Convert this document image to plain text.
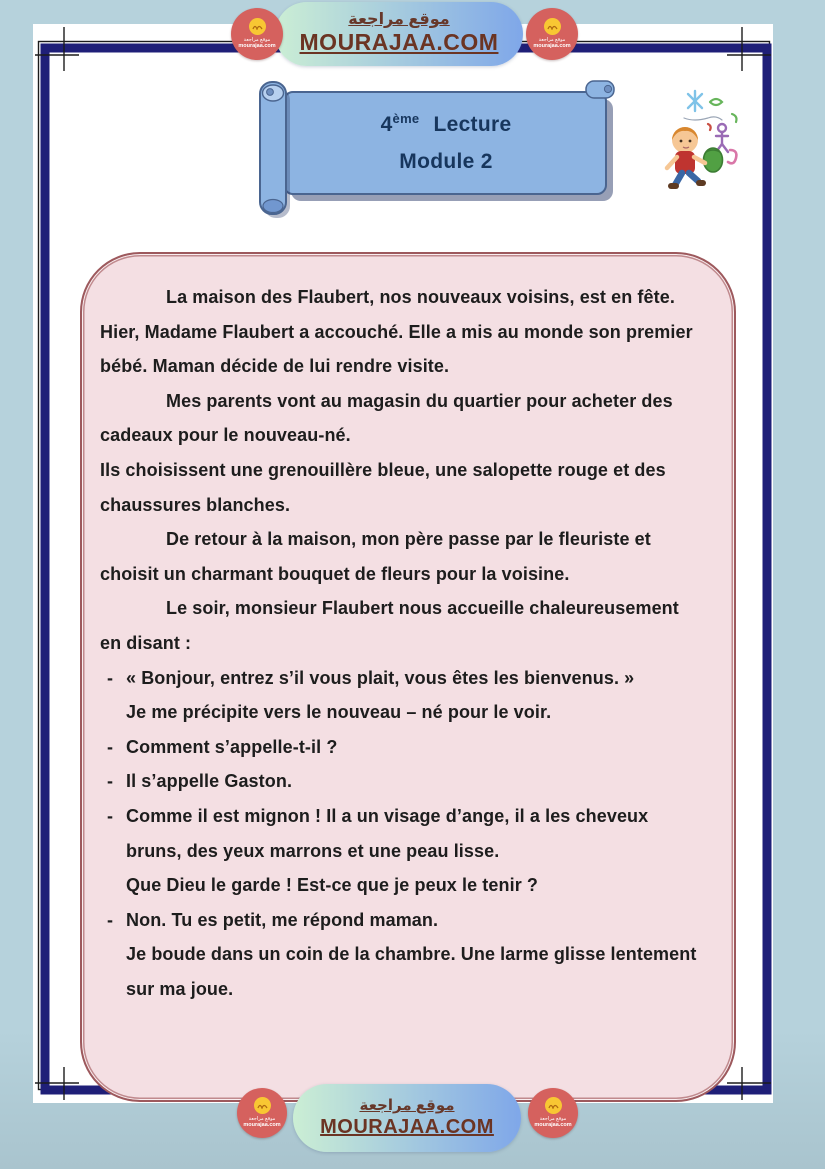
4ème Lecture
Module 2

La maison des Flaubert, nos nouveaux voisins, est en fête. Hier, Madame Flaubert a accouché. Elle a mis au monde son premier bébé. Maman décide de lui rendre visite.

Mes parents vont au magasin du quartier pour acheter des cadeaux pour le nouveau-né.

Ils choisissent une grenouillère bleue, une salopette rouge et des chaussures blanches.

De retour à la maison, mon père passe par le fleuriste et choisit un charmant bouquet de fleurs pour la voisine.

Le soir, monsieur Flaubert nous accueille chaleureusement en disant :

- « Bonjour, entrez s’il vous plait, vous êtes les bienvenus. »
Je me précipite vers le nouveau – né pour le voir.
- Comment s’appelle-t-il ?
- Il s’appelle Gaston.
- Comme il est mignon ! Il a un visage d’ange, il a les cheveux bruns, des yeux marrons et une peau lisse.
Que Dieu le garde ! Est-ce que je peux le tenir ?
- Non. Tu es petit, me répond maman.
Je boude dans un coin de la chambre. Une larme glisse lentement sur ma joue.
موقع مراجعة
MOURAJAA.COM
موقع مراجعة
mourajaa.com
موقع مراجعة
mourajaa.com
موقع مراجعة
MOURAJAA.COM
موقع مراجعة
mourajaa.com
موقع مراجعة
mourajaa.com
